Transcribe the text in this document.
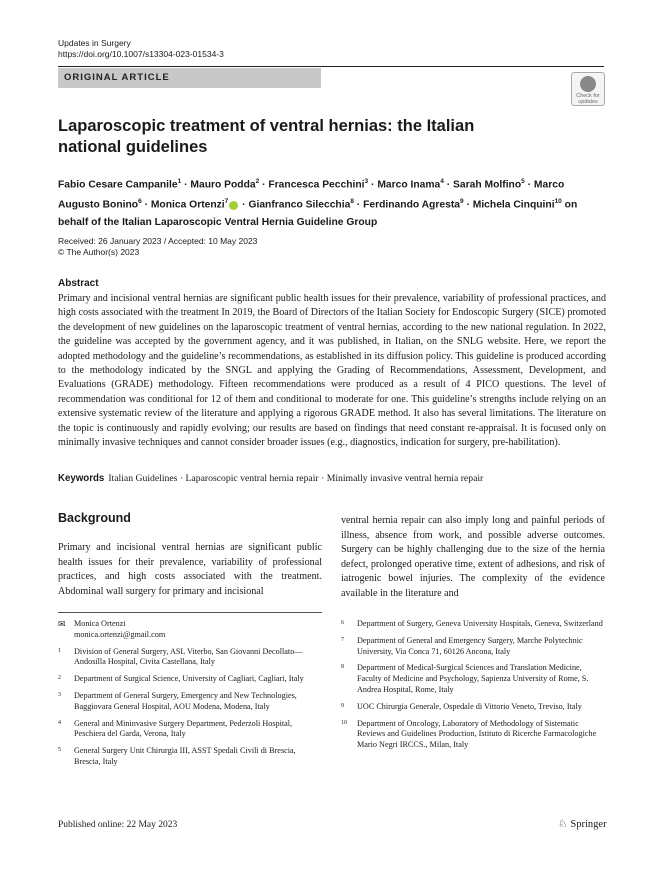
Updates in Surgery
https://doi.org/10.1007/s13304-023-01534-3
ORIGINAL ARTICLE
Check for updates
Laparoscopic treatment of ventral hernias: the Italian national guidelines
Fabio Cesare Campanile$^1$ · Mauro Podda$^2$ · Francesca Pecchini$^3$ · Marco Inama$^4$ · Sarah Molfino$^5$ · Marco Augusto Bonino$^6$ · Monica Ortenzi$^7$ · Gianfranco Silecchia$^8$ · Ferdinando Agresta$^9$ · Michela Cinquini$^{10}$ on behalf of the Italian Laparoscopic Ventral Hernia Guideline Group
Received: 26 January 2023 / Accepted: 10 May 2023
© The Author(s) 2023
Abstract
Primary and incisional ventral hernias are significant public health issues for their prevalence, variability of professional practices, and high costs associated with the treatment In 2019, the Board of Directors of the Italian Society for Endoscopic Surgery (SICE) promoted the development of new guidelines on the laparoscopic treatment of ventral hernias, according to the new national regulation. In 2022, the guideline was accepted by the government agency, and it was published, in Italian, on the SNLG website. Here, we report the adopted methodology and the guideline’s recommendations, as established in its diffusion policy. This guideline is produced according to the methodology indicated by the SNGL and applying the Grading of Recommendations, Assessment, Development, and Evaluations (GRADE) methodology. Fifteen recommendations were produced as a result of 4 PICO questions. The level of recommendation was conditional for 12 of them and conditional to moderate for one. This guideline’s strengths include relying on an extensive systematic review of the literature and applying a rigorous GRADE method. It also has several limitations. The literature on the topic is continuously and rapidly evolving; our results are based on findings that need constant re-appraisal. It is focused only on minimally invasive techniques and cannot consider broader issues (e.g., diagnostics, indication for surgery, pre-habilitation).
Keywords Italian Guidelines · Laparoscopic ventral hernia repair · Minimally invasive ventral hernia repair
Background
Primary and incisional ventral hernias are significant public health issues for their prevalence, variability of professional practices, and high costs associated with the treatment. Abdominal wall surgery for primary and incisional
ventral hernia repair can also imply long and painful periods of illness, absence from work, and possible adverse outcomes. Surgery can be highly challenging due to the size of the hernia defect, prolonged operative time, extent of adhesions, and risk of iatrogenic bowel injuries. The complexity of the evidence available in the literature and
✉ Monica Ortenzi
monica.ortenzi@gmail.com
1 Division of General Surgery, ASL Viterbo, San Giovanni Decollato—Andosilla Hospital, Civita Castellana, Italy
2 Department of Surgical Science, University of Cagliari, Cagliari, Italy
3 Department of General Surgery, Emergency and New Technologies, Baggiovara General Hospital, AOU Modena, Modena, Italy
4 General and Mininvasive Surgery Department, Pederzoli Hospital, Peschiera del Garda, Verona, Italy
5 General Surgery Unit Chirurgia III, ASST Spedali Civili di Brescia, Brescia, Italy
6 Department of Surgery, Geneva University Hospitals, Geneva, Switzerland
7 Department of General and Emergency Surgery, Marche Polytechnic University, Via Conca 71, 60126 Ancona, Italy
8 Department of Medical-Surgical Sciences and Translation Medicine, Faculty of Medicine and Psychology, Sapienza University of Rome, S. Andrea Hospital, Rome, Italy
9 UOC Chirurgia Generale, Ospedale di Vittorio Veneto, Treviso, Italy
10 Department of Oncology, Laboratory of Methodology of Sistematic Reviews and Guidelines Production, Istituto di Ricerche Farmacologiche Mario Negri IRCCS., Milan, Italy
Published online: 22 May 2023	♘ Springer
